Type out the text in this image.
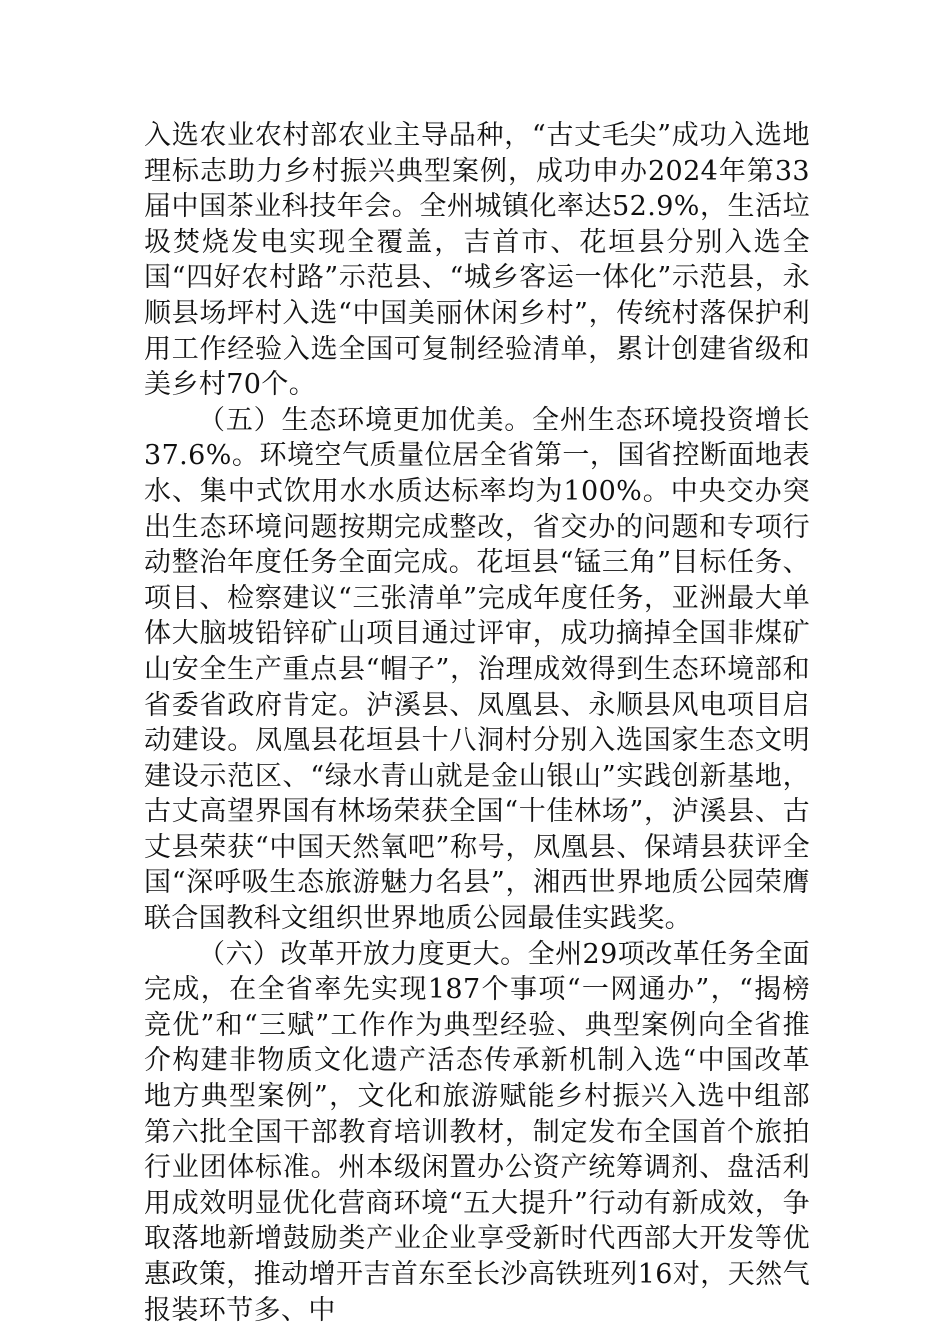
入选农业农村部农业主导品种，“古丈毛尖”成功入选地理标志助力乡村振兴典型案例，成功申办2024年第33届中国茶业科技年会。全州城镇化率达52.9%，生活垃圾焚烧发电实现全覆盖，吉首市、花垣县分别入选全国“四好农村路”示范县、“城乡客运一体化”示范县，永顺县场坪村入选“中国美丽休闲乡村”，传统村落保护利用工作经验入选全国可复制经验清单，累计创建省级和美乡村70个。

（五）生态环境更加优美。全州生态环境投资增长37.6%。环境空气质量位居全省第一，国省控断面地表水、集中式饮用水水质达标率均为100%。中央交办突出生态环境问题按期完成整改，省交办的问题和专项行动整治年度任务全面完成。花垣县“锰三角”目标任务、项目、检察建议“三张清单”完成年度任务，亚洲最大单体大脑坡铅锌矿山项目通过评审，成功摘掉全国非煤矿山安全生产重点县“帽子”，治理成效得到生态环境部和省委省政府肯定。泸溪县、凤凰县、永顺县风电项目启动建设。凤凰县花垣县十八洞村分别入选国家生态文明建设示范区、“绿水青山就是金山银山”实践创新基地，古丈高望界国有林场荣获全国“十佳林场”，泸溪县、古丈县荣获“中国天然氧吧”称号，凤凰县、保靖县获评全国“深呼吸生态旅游魅力名县”，湘西世界地质公园荣膺联合国教科文组织世界地质公园最佳实践奖。

（六）改革开放力度更大。全州29项改革任务全面完成，在全省率先实现187个事项“一网通办”，“揭榜竞优”和“三赋”工作作为典型经验、典型案例向全省推介构建非物质文化遗产活态传承新机制入选“中国改革地方典型案例”，文化和旅游赋能乡村振兴入选中组部第六批全国干部教育培训教材，制定发布全国首个旅拍行业团体标准。州本级闲置办公资产统筹调剂、盘活利用成效明显优化营商环境“五大提升”行动有新成效，争取落地新增鼓励类产业企业享受新时代西部大开发等优惠政策，推动增开吉首东至长沙高铁班列16对，天然气报装环节多、中
